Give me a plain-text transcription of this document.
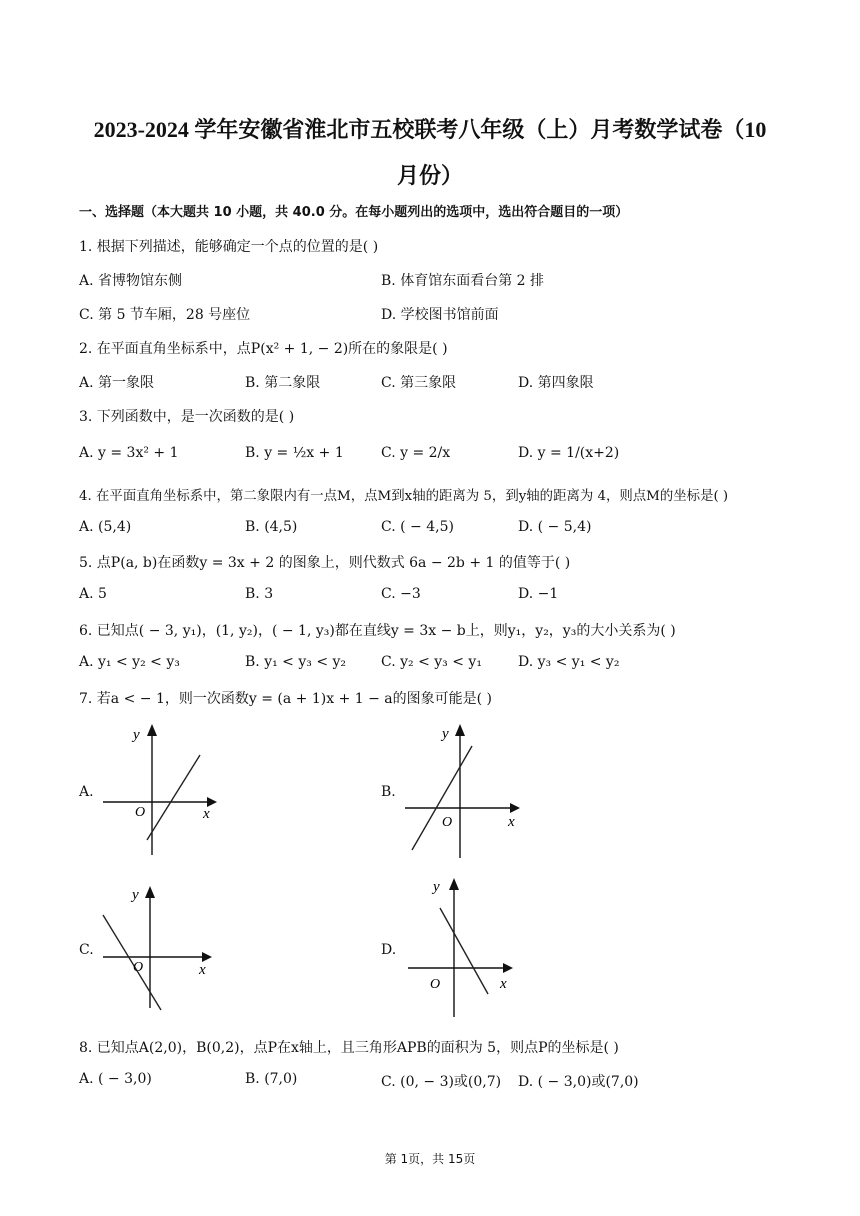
2023-2024 学年安徽省淮北市五校联考八年级（上）月考数学试卷（10
月份）
一、选择题（本大题共 10 小题，共 40.0 分。在每小题列出的选项中，选出符合题目的一项）
1. 根据下列描述，能够确定一个点的位置的是( )
A. 省博物馆东侧	B. 体育馆东面看台第 2 排
C. 第 5 节车厢，28 号座位	D. 学校图书馆前面
2. 在平面直角坐标系中，点P(x² + 1, − 2)所在的象限是( )
A. 第一象限	B. 第二象限	C. 第三象限	D. 第四象限
3. 下列函数中，是一次函数的是( )
A. y = 3x² + 1	B. y = ½x + 1	C. y = 2/x	D. y = 1/(x+2)
4. 在平面直角坐标系中，第二象限内有一点M，点M到x轴的距离为 5，到y轴的距离为 4，则点M的坐标是( )
A. (5,4)	B. (4,5)	C. ( − 4,5)	D. ( − 5,4)
5. 点P(a, b)在函数y = 3x + 2 的图象上，则代数式 6a − 2b + 1 的值等于( )
A. 5	B. 3	C. −3	D. −1
6. 已知点( − 3, y₁)，(1, y₂)，( − 1, y₃)都在直线y = 3x − b上，则y₁，y₂，y₃的大小关系为( )
A. y₁ < y₂ < y₃	B. y₁ < y₃ < y₂ C. y₂ < y₃ < y₁	D. y₃ < y₁ < y₂
7. 若a < − 1，则一次函数y = (a + 1)x + 1 − a的图象可能是( )
A.	B.
C.	D.
x
y
O
x
y
O
x
y
O
x
y
O
8. 已知点A(2,0)，B(0,2)，点P在x轴上，且三角形APB的面积为 5，则点P的坐标是( )
A. ( − 3,0)	B. (7,0)	C. (0, − 3)或(0,7) D. ( − 3,0)或(7,0)
第 1页，共 15页
